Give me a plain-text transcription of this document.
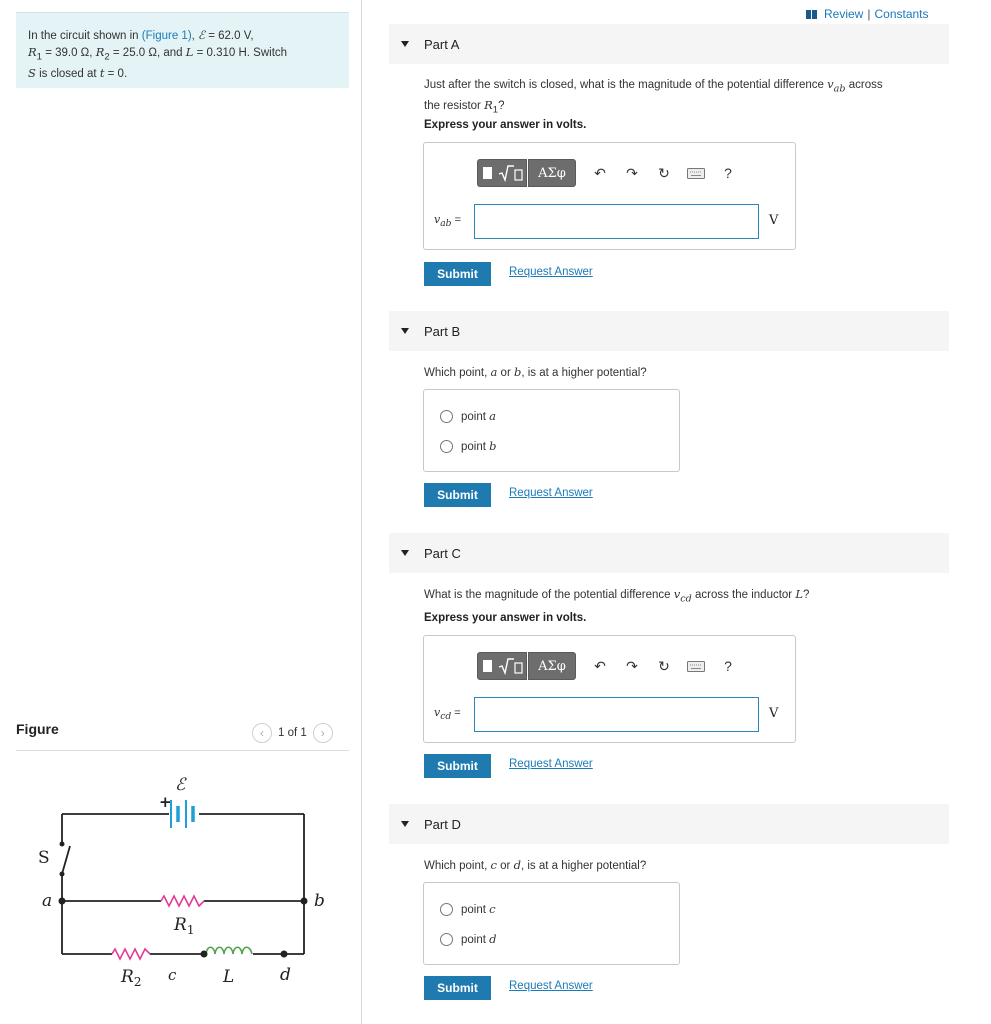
In the circuit shown in (Figure 1), ℰ = 62.0 V,
$R_1 = 39.0$ Ω, $R_2 = 25.0$ Ω, and L = 0.310 H. Switch
S is closed at t = 0.
Figure	‹	1 of 1	›
ℰ
+
S
a	b
$R_1$
$R_2$ c	L	d
Review | Constants
Part A
Just after the switch is closed, what is the magnitude of the potential difference $v_{ab}$ across
the resistor $R_1$?
Express your answer in volts.
ΑΣφ	↶	↷	↻	?
$v_{ab}$ =	V
Submit	Request Answer
Part B
Which point, a or b, is at a higher potential?
point a
point b
Submit	Request Answer
Part C
What is the magnitude of the potential difference $v_{cd}$ across the inductor L?
Express your answer in volts.
ΑΣφ	↶	↷	↻	?
$v_{cd}$ =	V
Submit	Request Answer
Part D
Which point, c or d, is at a higher potential?
point c
point d
Submit	Request Answer
